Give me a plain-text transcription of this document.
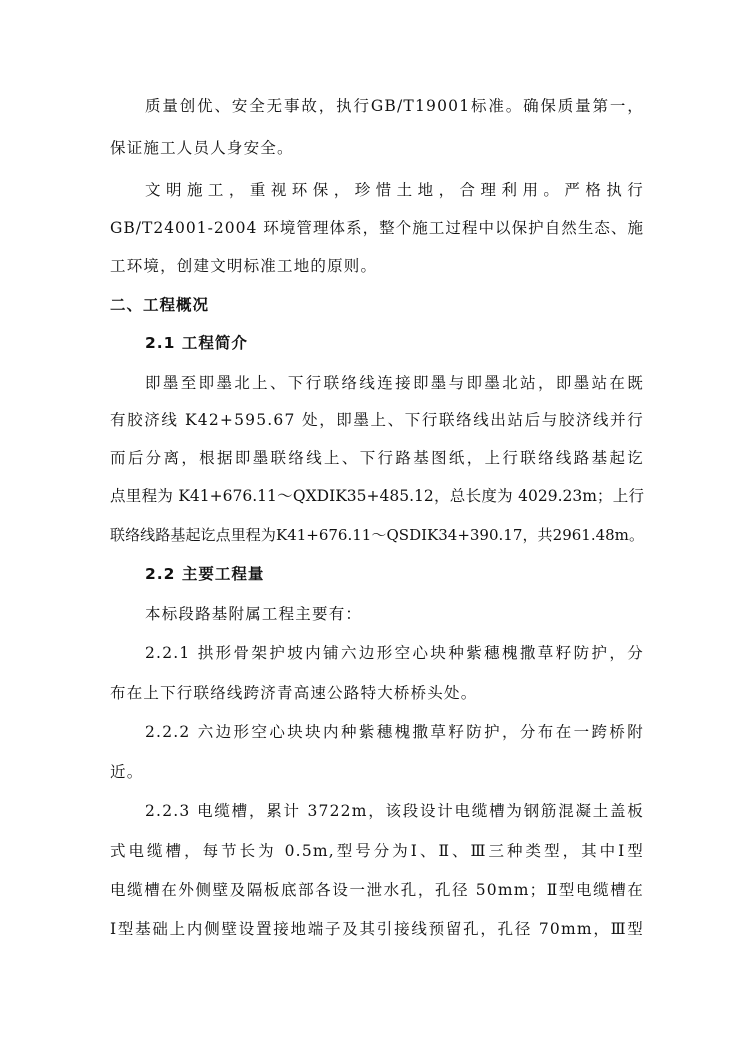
质量创优、安全无事故，执行GB/T19001标准。确保质量第一，
保证施工人员人身安全。
文明施工，重视环保，珍惜土地，合理利用。严格执行
GB/T24001-2004 环境管理体系，整个施工过程中以保护自然生态、施
工环境，创建文明标准工地的原则。
二、工程概况
2.1 工程简介
即墨至即墨北上、下行联络线连接即墨与即墨北站，即墨站在既
有胶济线 K42+595.67 处，即墨上、下行联络线出站后与胶济线并行
而后分离，根据即墨联络线上、下行路基图纸，上行联络线路基起讫
点里程为 K41+676.11～QXDIK35+485.12，总长度为 4029.23m；上行
联络线路基起讫点里程为K41+676.11～QSDIK34+390.17，共2961.48m。
2.2 主要工程量
本标段路基附属工程主要有：
2.2.1 拱形骨架护坡内铺六边形空心块种紫穗槐撒草籽防护，分
布在上下行联络线跨济青高速公路特大桥桥头处。
2.2.2 六边形空心块块内种紫穗槐撒草籽防护，分布在一跨桥附
近。
2.2.3 电缆槽，累计 3722m，该段设计电缆槽为钢筋混凝土盖板
式电缆槽，每节长为 0.5m,型号分为Ⅰ、Ⅱ、Ⅲ三种类型，其中Ⅰ型
电缆槽在外侧壁及隔板底部各设一泄水孔，孔径 50mm；Ⅱ型电缆槽在
Ⅰ型基础上内侧壁设置接地端子及其引接线预留孔，孔径 70mm，Ⅲ型
